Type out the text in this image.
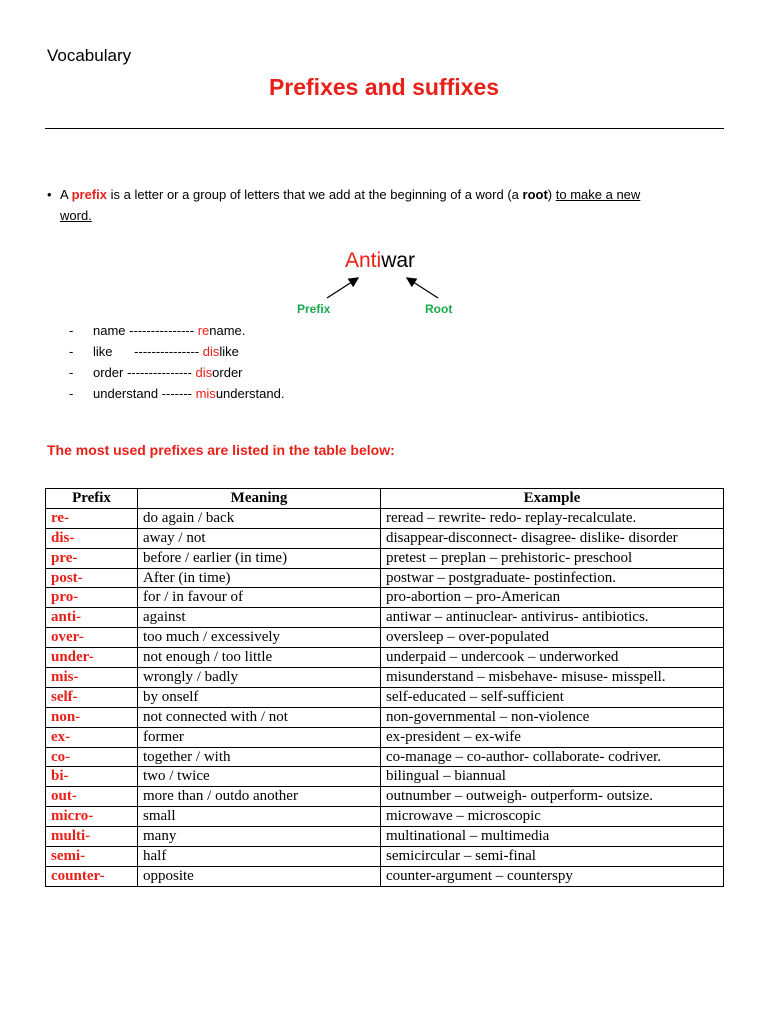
Vocabulary
Prefixes and suffixes
• A prefix is a letter or a group of letters that we add at the beginning of a word (a root) to make a new
word.
Antiwar
Prefix	Root
- name --------------- rename.
- like      --------------- dislike
- order --------------- disorder
- understand ------- misunderstand.
The most used prefixes are listed in the table below:
Prefix	Meaning	Example
re-	do again / back	reread – rewrite- redo- replay-recalculate.
dis-	away / not	disappear-disconnect- disagree- dislike- disorder
pre-	before / earlier (in time)	pretest – preplan – prehistoric- preschool
post-	After (in time)	postwar – postgraduate- postinfection.
pro-	for / in favour of	pro-abortion – pro-American
anti-	against	antiwar – antinuclear- antivirus- antibiotics.
over-	too much / excessively	oversleep – over-populated
under-	not enough / too little	underpaid – undercook – underworked
mis-	wrongly / badly	misunderstand – misbehave- misuse- misspell.
self-	by onself	self-educated – self-sufficient
non-	not connected with / not	non-governmental – non-violence
ex-	former	ex-president – ex-wife
co-	together / with	co-manage – co-author- collaborate- codriver.
bi-	two / twice	bilingual – biannual
out-	more than / outdo another	outnumber – outweigh- outperform- outsize.
micro-	small	microwave – microscopic
multi-	many	multinational – multimedia
semi-	half	semicircular – semi-final
counter-	opposite	counter-argument – counterspy
